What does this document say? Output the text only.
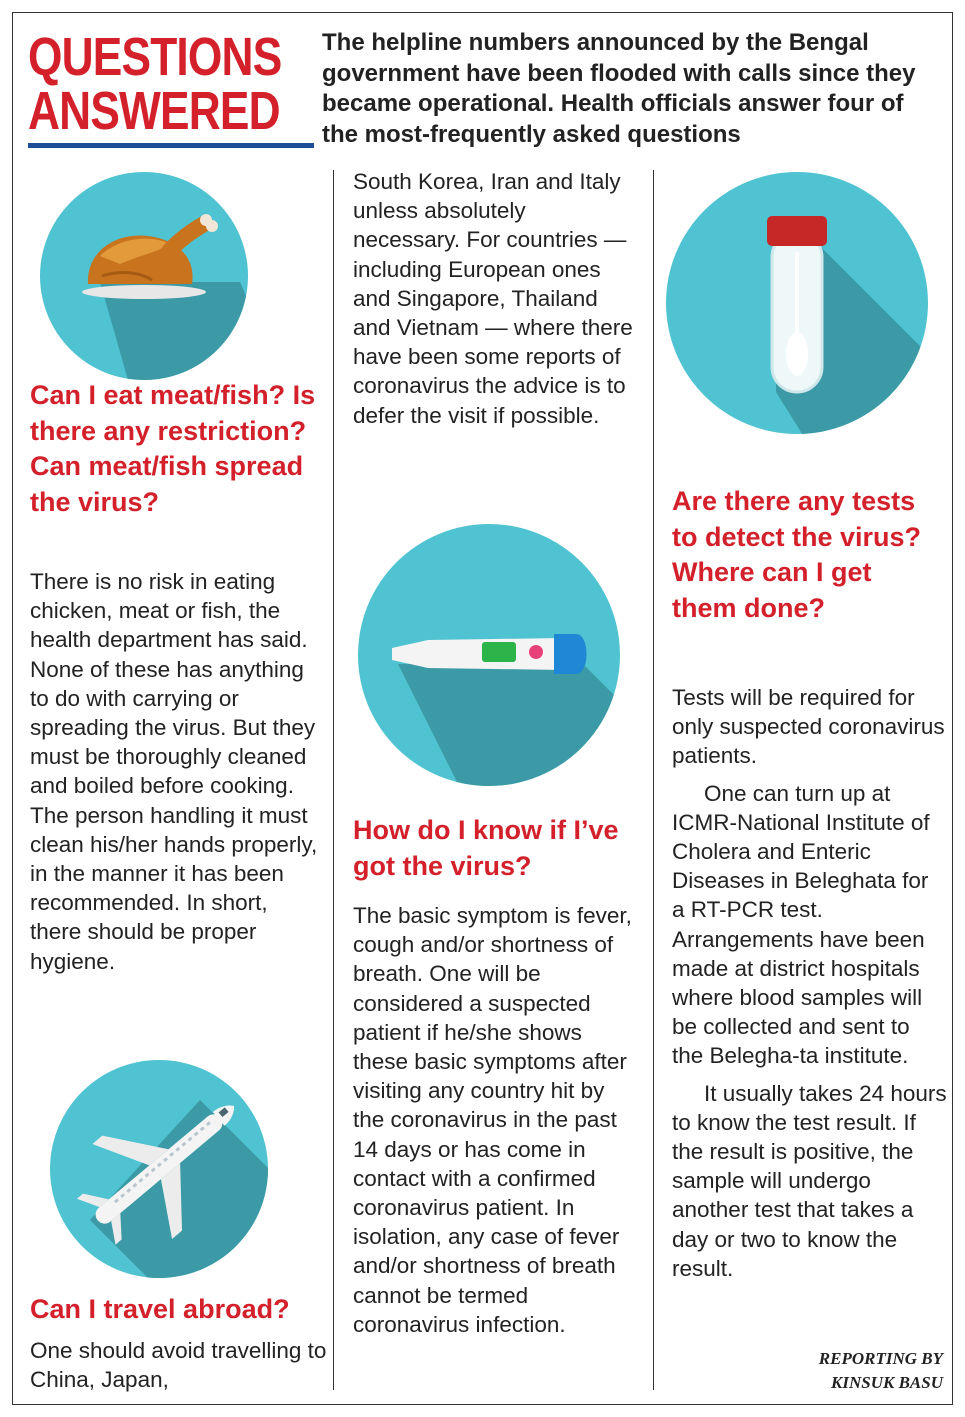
QUESTIONS
ANSWERED
The helpline numbers announced by the Bengal government have been flooded with calls since they became operational. Health officials answer four of the most-frequently asked questions
Can I eat meat/fish? Is there any restriction? Can meat/fish spread the virus?
There is no risk in eating chicken, meat or fish, the health department has said. None of these has anything to do with carrying or spreading the virus. But they must be thoroughly cleaned and boiled before cooking. The person handling it must clean his/her hands properly, in the manner it has been recommended. In short, there should be proper hygiene.
Can I travel abroad?
One should avoid travelling to China, Japan,
South Korea, Iran and Italy unless absolutely necessary. For countries — including European ones and Singapore, Thailand and Vietnam — where there have been some reports of coronavirus the advice is to defer the visit if possible.
How do I know if I’ve got the virus?
The basic symptom is fever, cough and/or shortness of breath. One will be considered a suspected patient if he/she shows these basic symptoms after visiting any country hit by the coronavirus in the past 14 days or has come in contact with a confirmed coronavirus patient. In isolation, any case of fever and/or shortness of breath cannot be termed coronavirus infection.
Are there any tests to detect the virus? Where can I get them done?

Tests will be required for only suspected coronavirus patients.

One can turn up at ICMR-National Institute of Cholera and Enteric Diseases in Beleghata for a RT-PCR test. Arrangements have been made at district hospitals where blood samples will be collected and sent to the Belegha-ta institute.

It usually takes 24 hours to know the test result. If the result is positive, the sample will undergo another test that takes a day or two to know the result.

REPORTING BY
KINSUK BASU
